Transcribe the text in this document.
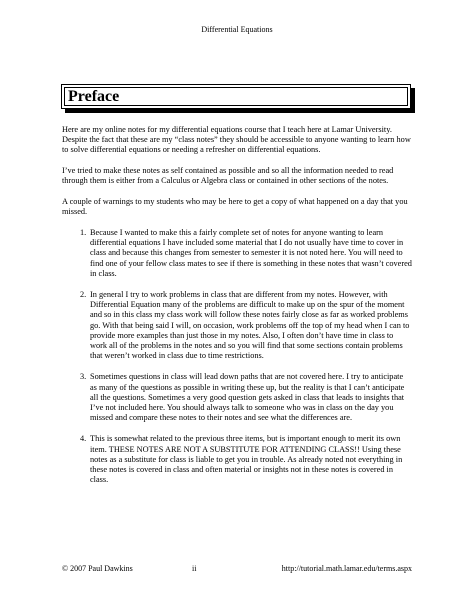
Differential Equations
Preface

Here are my online notes for my differential equations course that I teach here at Lamar University. Despite the fact that these are my “class notes” they should be accessible to anyone wanting to learn how to solve differential equations or needing a refresher on differential equations.

I’ve tried to make these notes as self contained as possible and so all the information needed to read through them is either from a Calculus or Algebra class or contained in other sections of the notes.

A couple of warnings to my students who may be here to get a copy of what happened on a day that you missed.

1. Because I wanted to make this a fairly complete set of notes for anyone wanting to learn differential equations I have included some material that I do not usually have time to cover in class and because this changes from semester to semester it is not noted here. You will need to find one of your fellow class mates to see if there is something in these notes that wasn’t covered in class.
2. In general I try to work problems in class that are different from my notes. However, with Differential Equation many of the problems are difficult to make up on the spur of the moment and so in this class my class work will follow these notes fairly close as far as worked problems go. With that being said I will, on occasion, work problems off the top of my head when I can to provide more examples than just those in my notes. Also, I often don’t have time in class to work all of the problems in the notes and so you will find that some sections contain problems that weren’t worked in class due to time restrictions.
3. Sometimes questions in class will lead down paths that are not covered here. I try to anticipate as many of the questions as possible in writing these up, but the reality is that I can’t anticipate all the questions. Sometimes a very good question gets asked in class that leads to insights that I’ve not included here. You should always talk to someone who was in class on the day you missed and compare these notes to their notes and see what the differences are.
4. This is somewhat related to the previous three items, but is important enough to merit its own item. THESE NOTES ARE NOT A SUBSTITUTE FOR ATTENDING CLASS!! Using these notes as a substitute for class is liable to get you in trouble. As already noted not everything in these notes is covered in class and often material or insights not in these notes is covered in class.
© 2007 Paul Dawkins	ii	http://tutorial.math.lamar.edu/terms.aspx
